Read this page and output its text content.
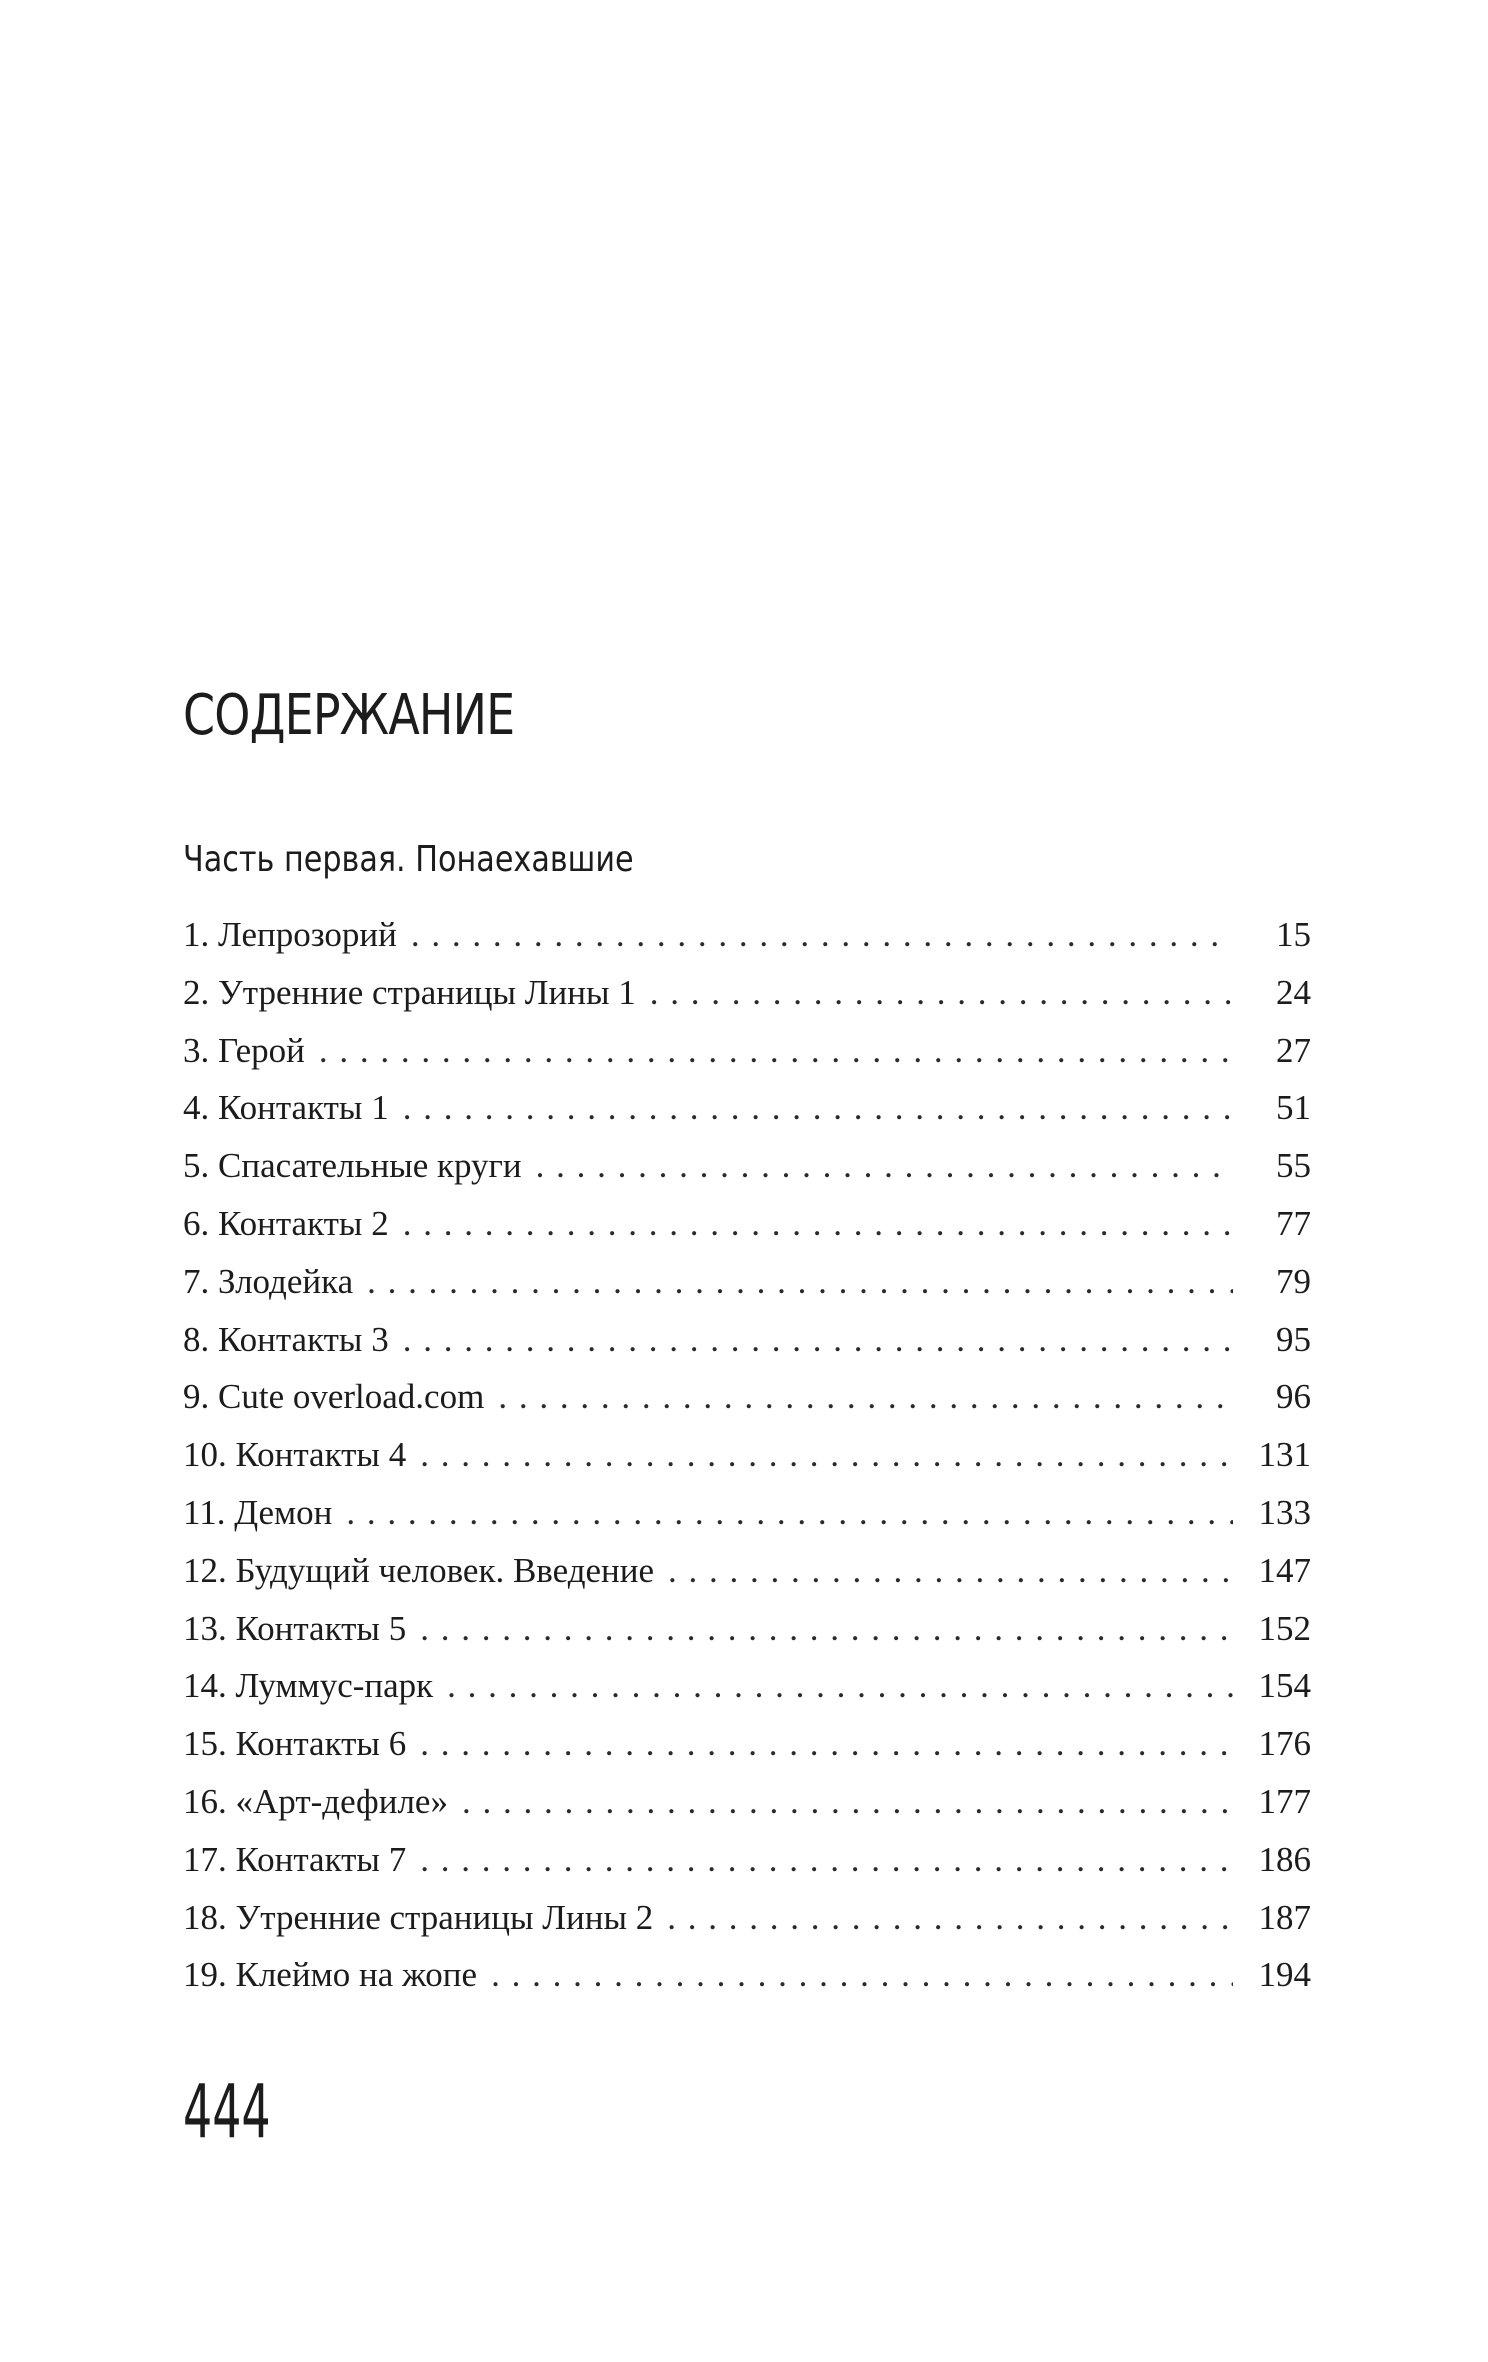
СОДЕРЖАНИЕ
Часть первая. Понаехавшие
1. Лепрозорий . . .	15
2. Утренние страницы Лины 1 . . .	24
3. Герой . . .	27
4. Контакты 1 . . .	51
5. Спасательные круги . . .	55
6. Контакты 2 . . .	77
7. Злодейка . . .	79
8. Контакты 3 . . .	95
9. Cute overload.com . . .	96
10. Контакты 4 . . .	131
11. Демон . . .	133
12. Будущий человек. Введение . . .	147
13. Контакты 5 . . .	152
14. Луммус-парк . . .	154
15. Контакты 6 . . .	176
16. «Арт-дефиле» . . .	177
17. Контакты 7 . . .	186
18. Утренние страницы Лины 2 . . .	187
19. Клеймо на жопе . . .	194
444
